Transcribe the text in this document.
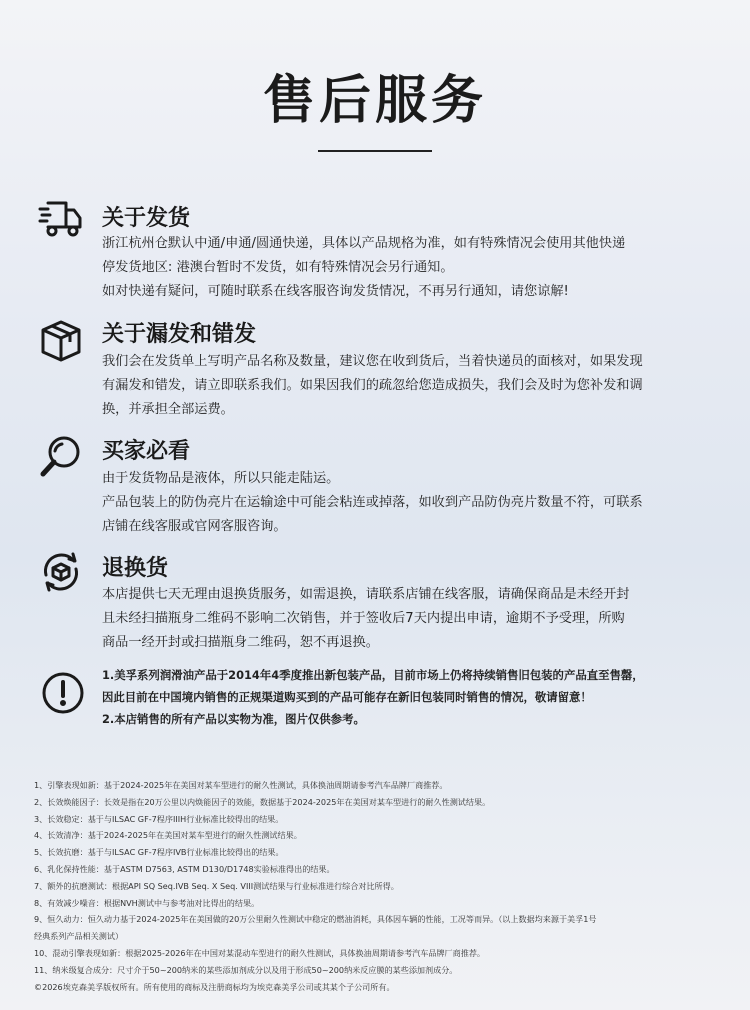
售后服务
关于发货

浙江杭州仓默认中通/申通/圆通快递，具体以产品规格为准，如有特殊情况会使用其他快递

停发货地区: 港澳台暂时不发货，如有特殊情况会另行通知。

如对快递有疑问，可随时联系在线客服咨询发货情况，不再另行通知，请您谅解!

关于漏发和错发

我们会在发货单上写明产品名称及数量，建议您在收到货后，当着快递员的面核对，如果发现

有漏发和错发，请立即联系我们。如果因我们的疏忽给您造成损失，我们会及时为您补发和调

换，并承担全部运费。

买家必看

由于发货物品是液体，所以只能走陆运。

产品包装上的防伪亮片在运输途中可能会粘连或掉落，如收到产品防伪亮片数量不符，可联系

店铺在线客服或官网客服咨询。

退换货

本店提供七天无理由退换货服务，如需退换，请联系店铺在线客服，请确保商品是未经开封

且未经扫描瓶身二维码不影响二次销售，并于签收后7天内提出申请，逾期不予受理，所购

商品一经开封或扫描瓶身二维码，恕不再退换。

1.美孚系列润滑油产品于2014年4季度推出新包装产品，目前市场上仍将持续销售旧包装的产品直至售罄，

因此目前在中国境内销售的正规渠道购买到的产品可能存在新旧包装同时销售的情况，敬请留意！

2.本店销售的所有产品以实物为准，图片仅供参考。

1、引擎表现如新：基于2024-2025年在美国对某车型进行的耐久性测试，具体换油周期请参考汽车品牌厂商推荐。

2、长效焕能因子：长效是指在20万公里以内焕能因子的效能，数据基于2024-2025年在美国对某车型进行的耐久性测试结果。

3、长效稳定：基于与ILSAC GF-7程序IIIH行业标准比较得出的结果。

4、长效清净：基于2024-2025年在美国对某车型进行的耐久性测试结果。

5、长效抗磨：基于与ILSAC GF-7程序IVB行业标准比较得出的结果。

6、乳化保持性能：基于ASTM D7563, ASTM D130/D1748实验标准得出的结果。

7、额外的抗磨测试：根据API SQ Seq.IVB Seq. X Seq. VIII测试结果与行业标准进行综合对比所得。

8、有效减少噪音：根据NVH测试中与参考油对比得出的结果。

9、恒久动力：恒久动力基于2024-2025年在美国做的20万公里耐久性测试中稳定的燃油消耗，具体因车辆的性能，工况等而异。（以上数据均来源于美孚1号

经典系列产品相关测试）

10、混动引擎表现如新：根据2025-2026年在中国对某混动车型进行的耐久性测试，具体换油周期请参考汽车品牌厂商推荐。

11、纳米级复合成分：尺寸介于50~200纳米的某些添加剂成分以及用于形成50~200纳米反应膜的某些添加剂成分。

©2026埃克森美孚版权所有。所有使用的商标及注册商标均为埃克森美孚公司或其某个子公司所有。
